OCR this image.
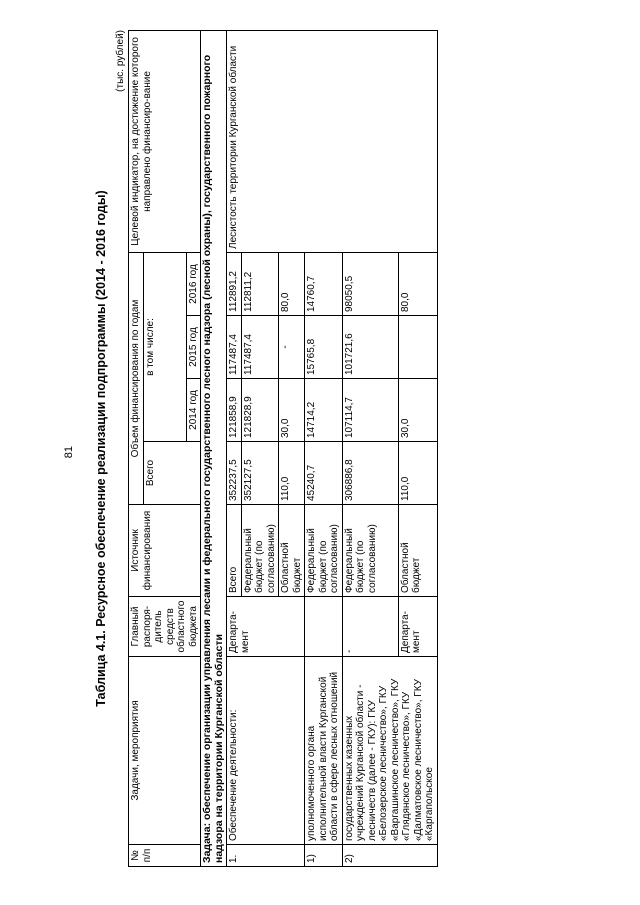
81	Таблица 4.1. Ресурсное обеспечение реализации подпрограммы (2014 - 2016 годы)
(тыс. рублей)
№ п/п	Задачи, мероприятия	Главный распоря-дитель средств областного бюджета	Источник финансирования	Объем финансирования по годам				Целевой индикатор, на достижение которого направлено финансиро-вание
				Всего	в том числе:			
					2014 год	2015 год	2016 год	
Задача: обеспечение организации управления лесами и федерального государственного лесного надзора (лесной охраны), государственного пожарного надзора на территории Курганской области								
1.	Обеспечение деятельности:	Департа-мент	Всего	352237,5	121858,9	117487,4	112891,2	Лесистость территории Курганской области
			Федеральный бюджет (по согласованию)	352127,5	121828,9	117487,4	112811,2	
			Областной бюджет	110,0	30,0	-	80,0	
1)	уполномоченного органа исполнительной власти Курганской области в сфере лесных отношений		Федеральный бюджет (по согласованию)	45240,7	14714,2	15765,8	14760,7	
2)	государственных казенных учреждений Курганской области - лесничеств (далее - ГКУ): ГКУ «Белозерское лесничество», ГКУ «Варгашинское лесничество», ГКУ «Глядянское лесничество», ГКУ «Далматовское лесничество», ГКУ «Каргапольское	-	Федеральный бюджет (по согласованию)	306886,8	107114,7	101721,6	98050,5	
		Департа-мент	Областной бюджет	110,0	30,0		80,0	
